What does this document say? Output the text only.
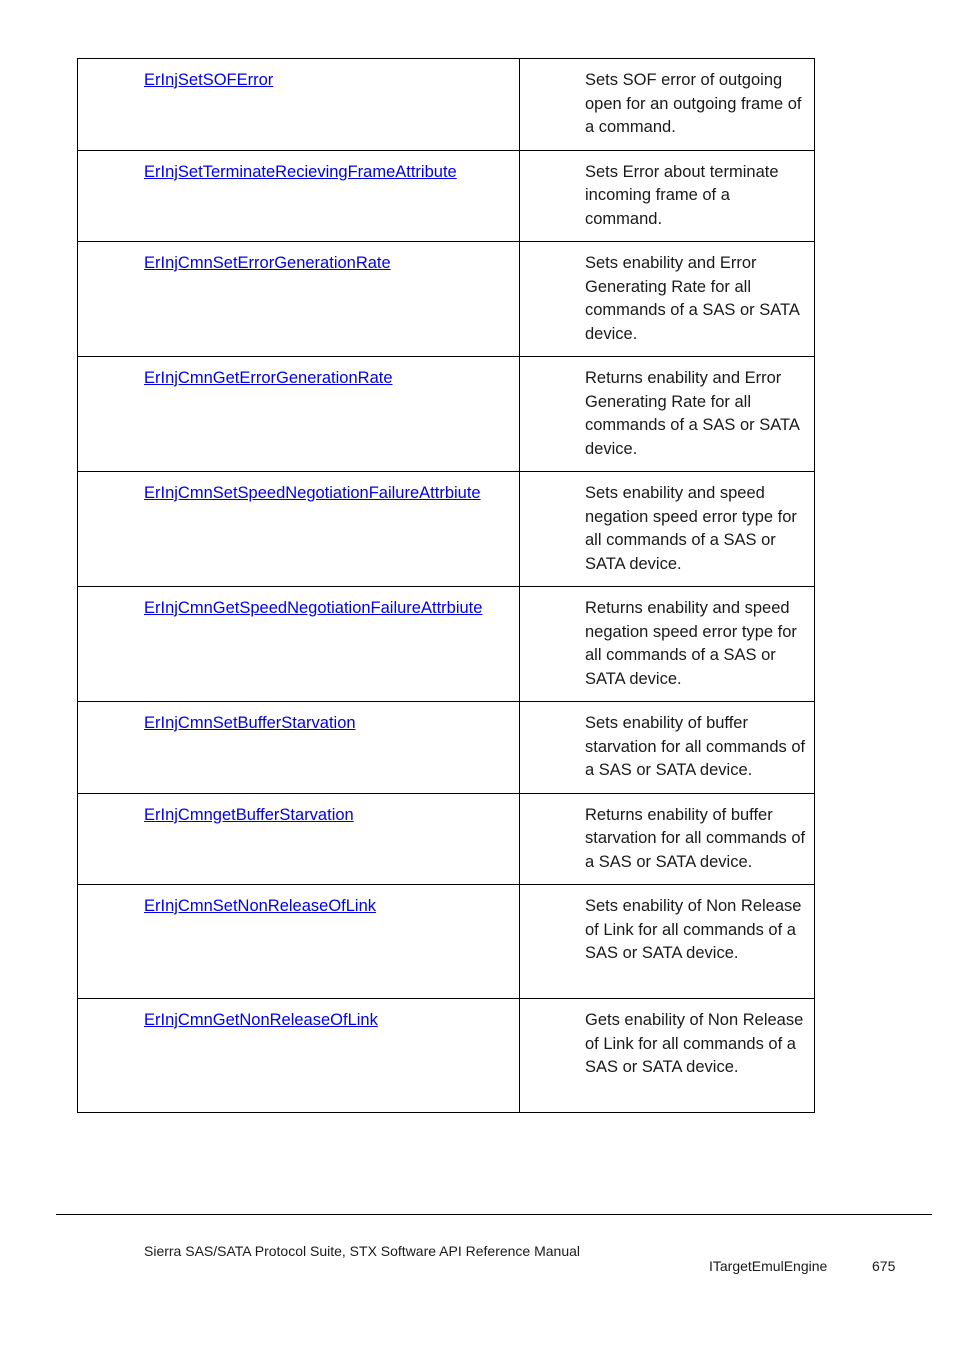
ErInjSetSOFError	Sets SOF error of outgoing open for an outgoing frame of a command.

ErInjSetTerminateRecievingFrameAttribute	Sets Error about terminate incoming frame of a command.

ErInjCmnSetErrorGenerationRate	Sets enability and Error Generating Rate for all commands of a SAS or SATA device.

ErInjCmnGetErrorGenerationRate	Returns enability and Error Generating Rate for all commands of a SAS or SATA device.

ErInjCmnSetSpeedNegotiationFailureAttrbiute	Sets enability and speed negation speed error type for all commands of a SAS or SATA device.

ErInjCmnGetSpeedNegotiationFailureAttrbiute	Returns enability and speed negation speed error type for all commands of a SAS or SATA device.

ErInjCmnSetBufferStarvation	Sets enability of buffer starvation for all commands of a SAS or SATA device.

ErInjCmngetBufferStarvation	Returns enability of buffer starvation for all commands of a SAS or SATA device.

ErInjCmnSetNonReleaseOfLink	Sets enability of Non Release of Link for all commands of a SAS or SATA device.

ErInjCmnGetNonReleaseOfLink	Gets enability of Non Release of Link for all commands of a SAS or SATA device.
Sierra SAS/SATA Protocol Suite, STX Software API Reference Manual
ITargetEmulEngine	675
